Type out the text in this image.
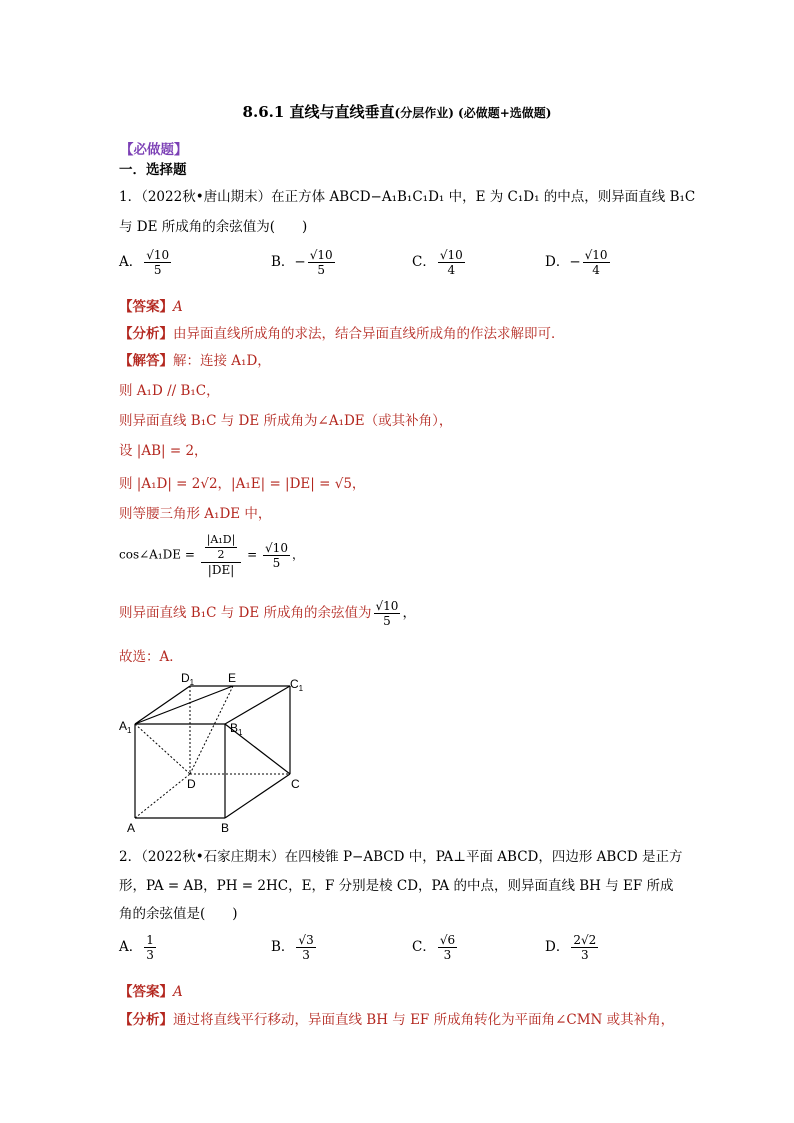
8.6.1 直线与直线垂直(分层作业) (必做题+选做题)
【必做题】
一．选择题
1．（2022秋•唐山期末）在正方体 ABCD−A₁B₁C₁D₁ 中，E 为 C₁D₁ 的中点，则异面直线 B₁C
与 DE 所成角的余弦值为(　　)
A． $\frac{√10}{5}$	B．− $\frac{√10}{5}$	C． $\frac{√10}{4}$	D．− $\frac{√10}{4}$
【答案】A
【分析】由异面直线所成角的求法，结合异面直线所成角的作法求解即可．
【解答】解：连接 A₁D，
则 A₁D // B₁C，
则异面直线 B₁C 与 DE 所成角为∠A₁DE（或其补角），
设 |AB| = 2，
则 |A₁D| = 2√2，|A₁E| = |DE| = √5，
则等腰三角形 A₁DE 中，
cos∠A₁DE = $\frac{\frac{\text{|A₁D|}}{2}}{|DE|} = \frac{√10}{5}$ ，
则异面直线 B₁C 与 DE 所成角的余弦值为 $\frac{√10}{5}$ ，
故选：A．
$D_1$	E	$C_1$
$A_1$	$B_1$
D	C
A	B
2．（2022秋•石家庄期末）在四棱锥 P−ABCD 中，PA⊥平面 ABCD，四边形 ABCD 是正方
形，PA = AB，PH = 2HC，E，F 分别是棱 CD，PA 的中点，则异面直线 BH 与 EF 所成
角的余弦值是(　　)
A． $\frac{1}{3}$	B． $\frac{√3}{3}$	C． $\frac{√6}{3}$	D． $\frac{2√2}{3}$
【答案】A
【分析】通过将直线平行移动，异面直线 BH 与 EF 所成角转化为平面角∠CMN 或其补角，
